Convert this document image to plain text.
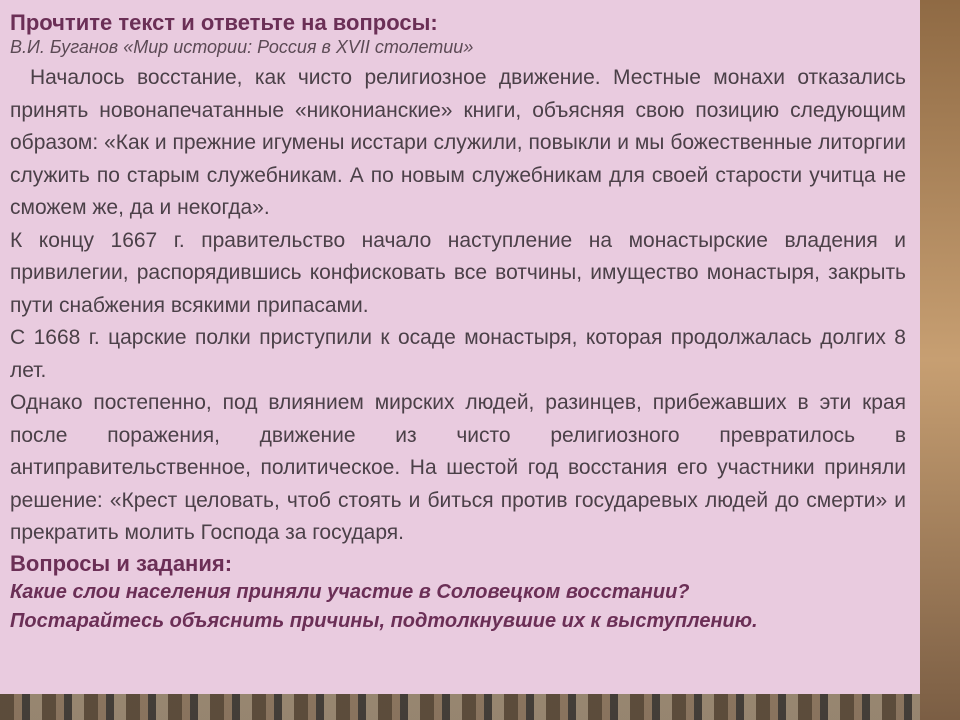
Прочтите текст и ответьте на вопросы:

В.И. Буганов «Мир истории: Россия в XVII столетии»

Началось восстание, как чисто религиозное движение. Местные монахи отказались принять новонапечатанные «никонианские» книги, объясняя свою позицию следующим образом: «Как и прежние игумены исстари служили, повыкли и мы божественные литоргии служить по старым служебникам. А по новым служебникам для своей старости учитца не сможем же, да и некогда».

К концу 1667 г. правительство начало наступление на монастырские владения и привилегии, распорядившись конфисковать все вотчины, имущество монастыря, закрыть пути снабжения всякими припасами.

С 1668 г. царские полки приступили к осаде монастыря, которая продолжалась долгих 8 лет.

Однако постепенно, под влиянием мирских людей, разинцев, прибежавших в эти края после поражения, движение из чисто религиозного превратилось в антиправительственное, политическое. На шестой год восстания его участники приняли решение: «Крест целовать, чтоб стоять и биться против государевых людей до смерти» и прекратить молить Господа за государя.

Вопросы и задания:

Какие слои населения приняли участие в Соловецком восстании?

Постарайтесь объяснить причины, подтолкнувшие их к выступлению.
